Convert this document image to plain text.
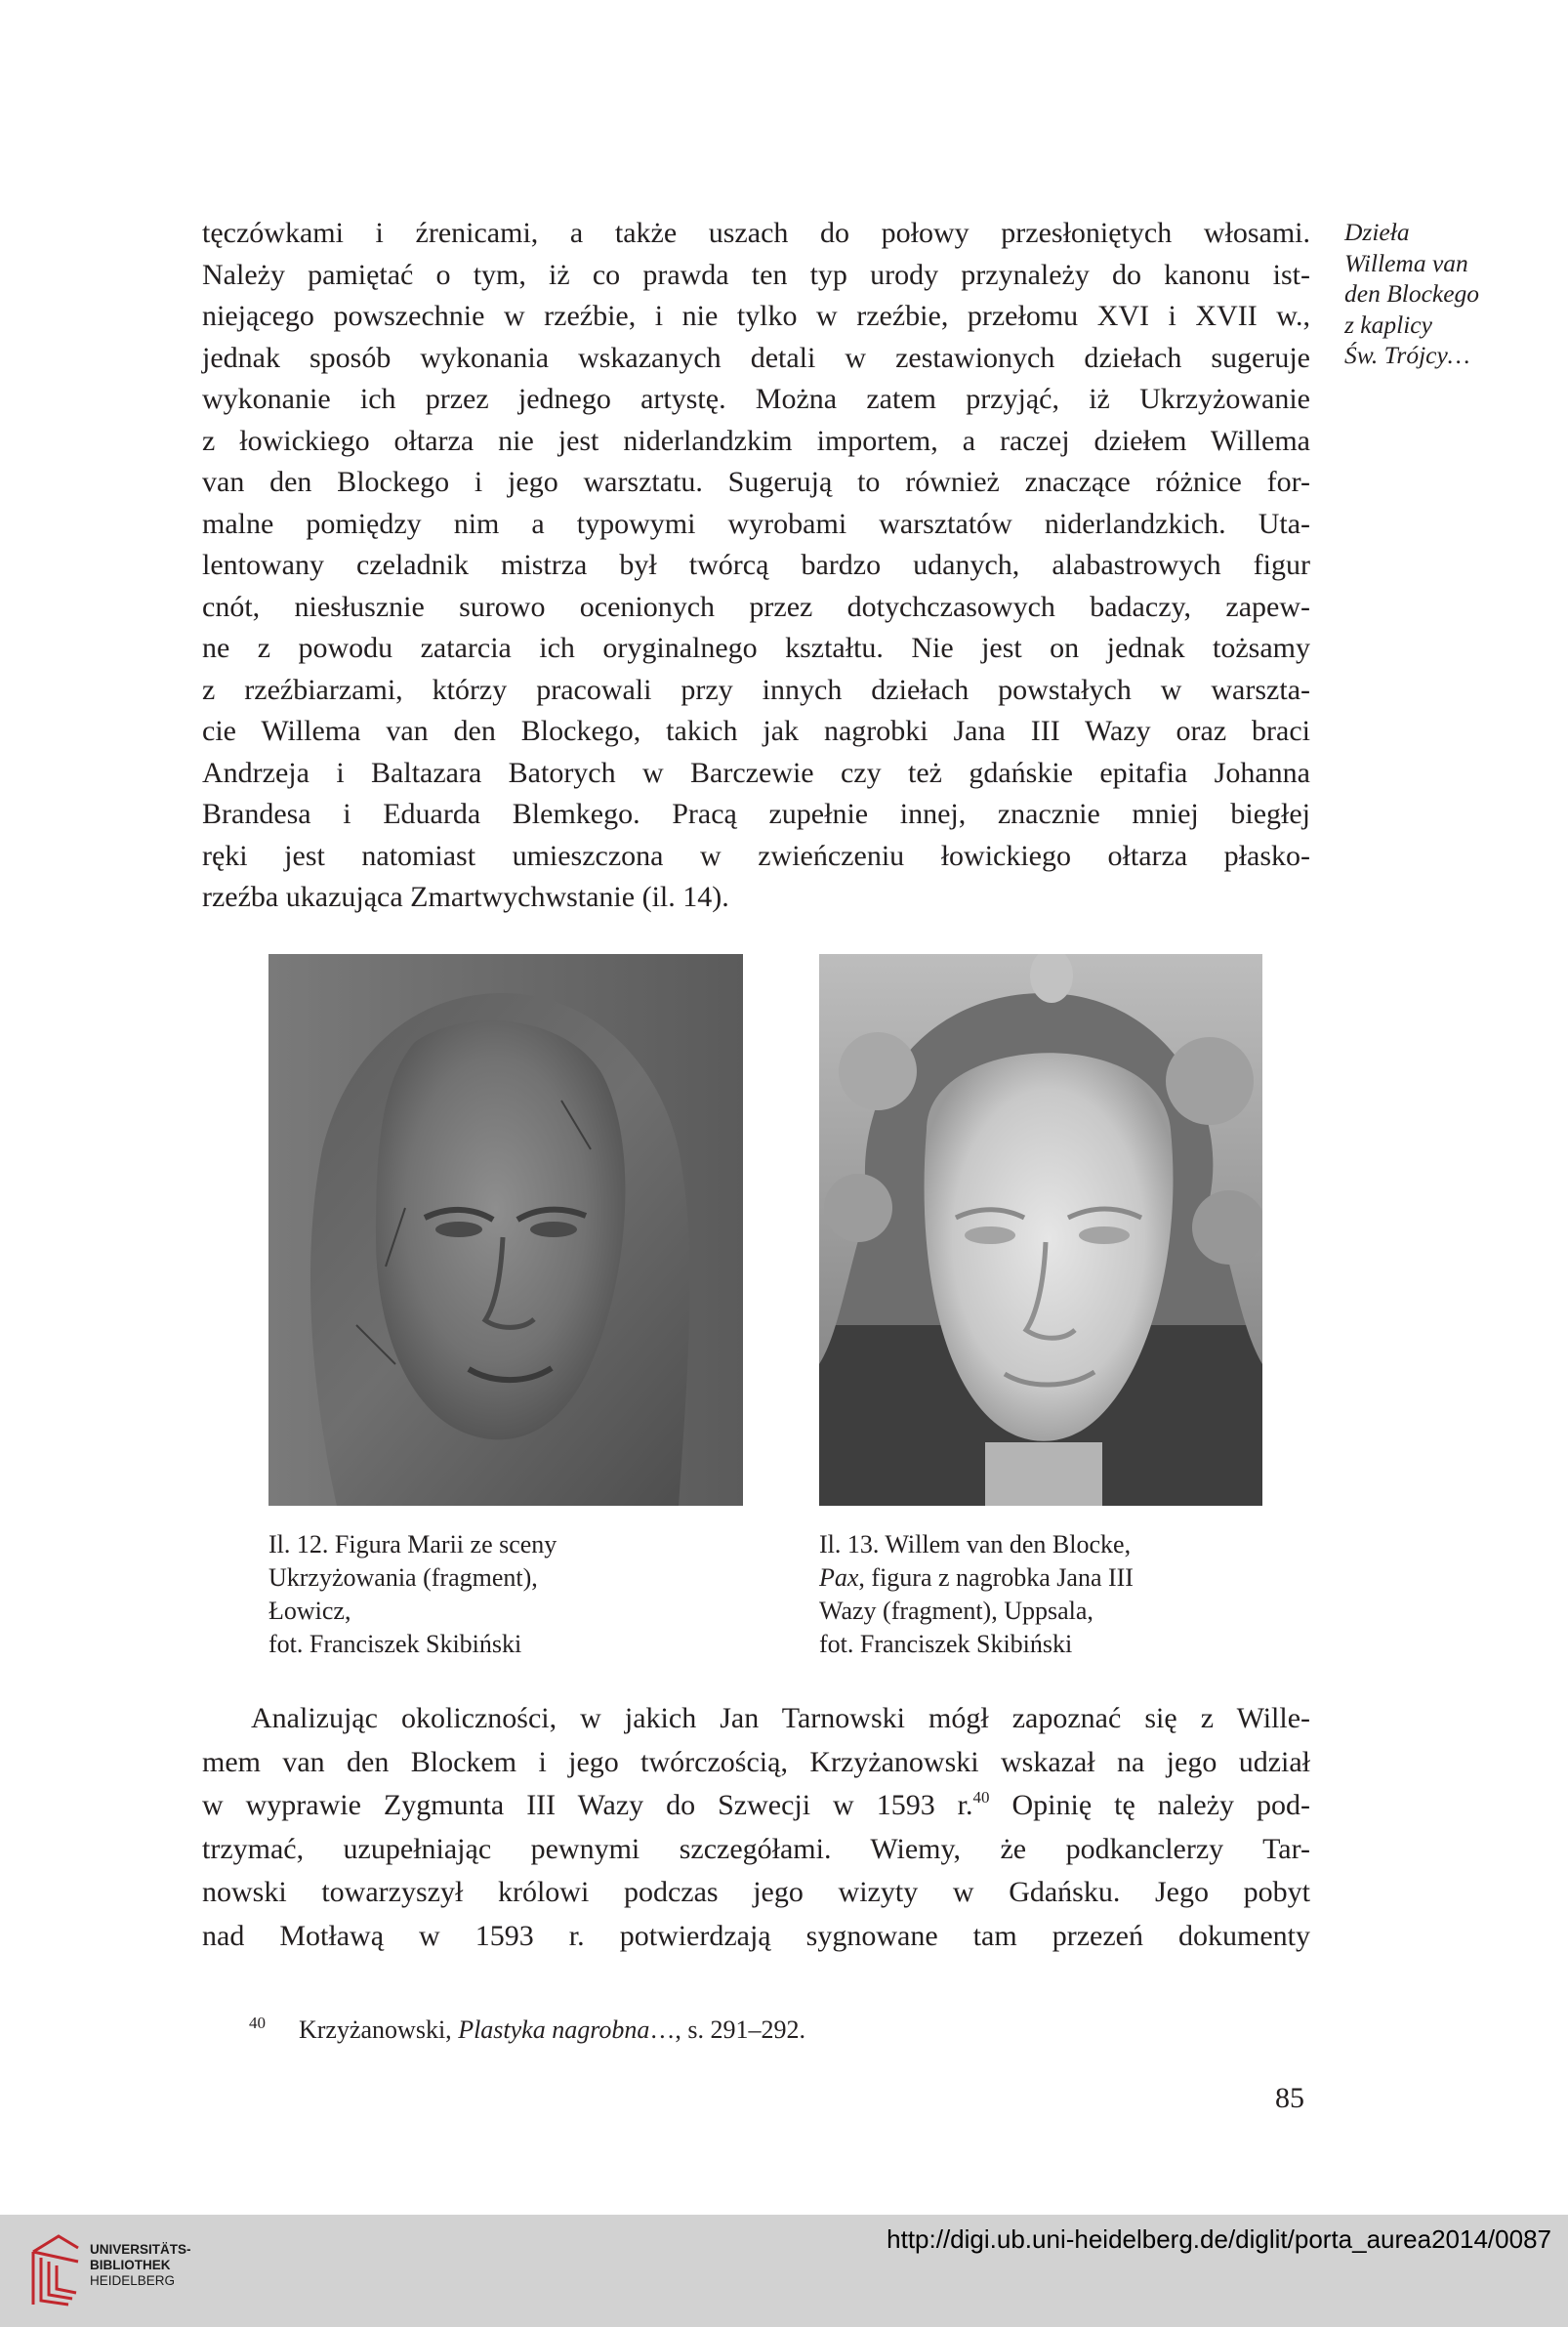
tęczówkami i źrenicami, a także uszach do połowy przesłoniętych włosami.
Należy pamiętać o tym, iż co prawda ten typ urody przynależy do kanonu ist-
niejącego powszechnie w rzeźbie, i nie tylko w rzeźbie, przełomu XVI i XVII w.,
jednak sposób wykonania wskazanych detali w zestawionych dziełach sugeruje
wykonanie ich przez jednego artystę. Można zatem przyjąć, iż Ukrzyżowanie
z łowickiego ołtarza nie jest niderlandzkim importem, a raczej dziełem Willema
van den Blockego i jego warsztatu. Sugerują to również znaczące różnice for-
malne pomiędzy nim a typowymi wyrobami warsztatów niderlandzkich. Uta-
lentowany czeladnik mistrza był twórcą bardzo udanych, alabastrowych figur
cnót, niesłusznie surowo ocenionych przez dotychczasowych badaczy, zapew-
ne z powodu zatarcia ich oryginalnego kształtu. Nie jest on jednak tożsamy
z rzeźbiarzami, którzy pracowali przy innych dziełach powstałych w warszta-
cie Willema van den Blockego, takich jak nagrobki Jana III Wazy oraz braci
Andrzeja i Baltazara Batorych w Barczewie czy też gdańskie epitafia Johanna
Brandesa i Eduarda Blemkego. Pracą zupełnie innej, znacznie mniej biegłej
ręki jest natomiast umieszczona w zwieńczeniu łowickiego ołtarza płasko-
rzeźba ukazująca Zmartwychwstanie (il. 14).

Dzieła
Willema van
den Blockego
z kaplicy
Św. Trójcy…

Il. 12. Figura Marii ze sceny
Ukrzyżowania (fragment),
Łowicz,
fot. Franciszek Skibiński

Il. 13. Willem van den Blocke,
Pax, figura z nagrobka Jana III
Wazy (fragment), Uppsala,
fot. Franciszek Skibiński

Analizując okoliczności, w jakich Jan Tarnowski mógł zapoznać się z Wille-
mem van den Blockem i jego twórczością, Krzyżanowski wskazał na jego udział
w wyprawie Zygmunta III Wazy do Szwecji w 1593 r.$^{40}$ Opinię tę należy pod-
trzymać, uzupełniając pewnymi szczegółami. Wiemy, że podkanclerzy Tar-
nowski towarzyszył królowi podczas jego wizyty w Gdańsku. Jego pobyt
nad Motławą w 1593 r. potwierdzają sygnowane tam przezeń dokumenty

$^{40}$ Krzyżanowski, Plastyka nagrobna…, s. 291–292.

85
UNIVERSITÄTS-
BIBLIOTHEK
HEIDELBERG
http://digi.ub.uni-heidelberg.de/diglit/porta_aurea2014/0087
